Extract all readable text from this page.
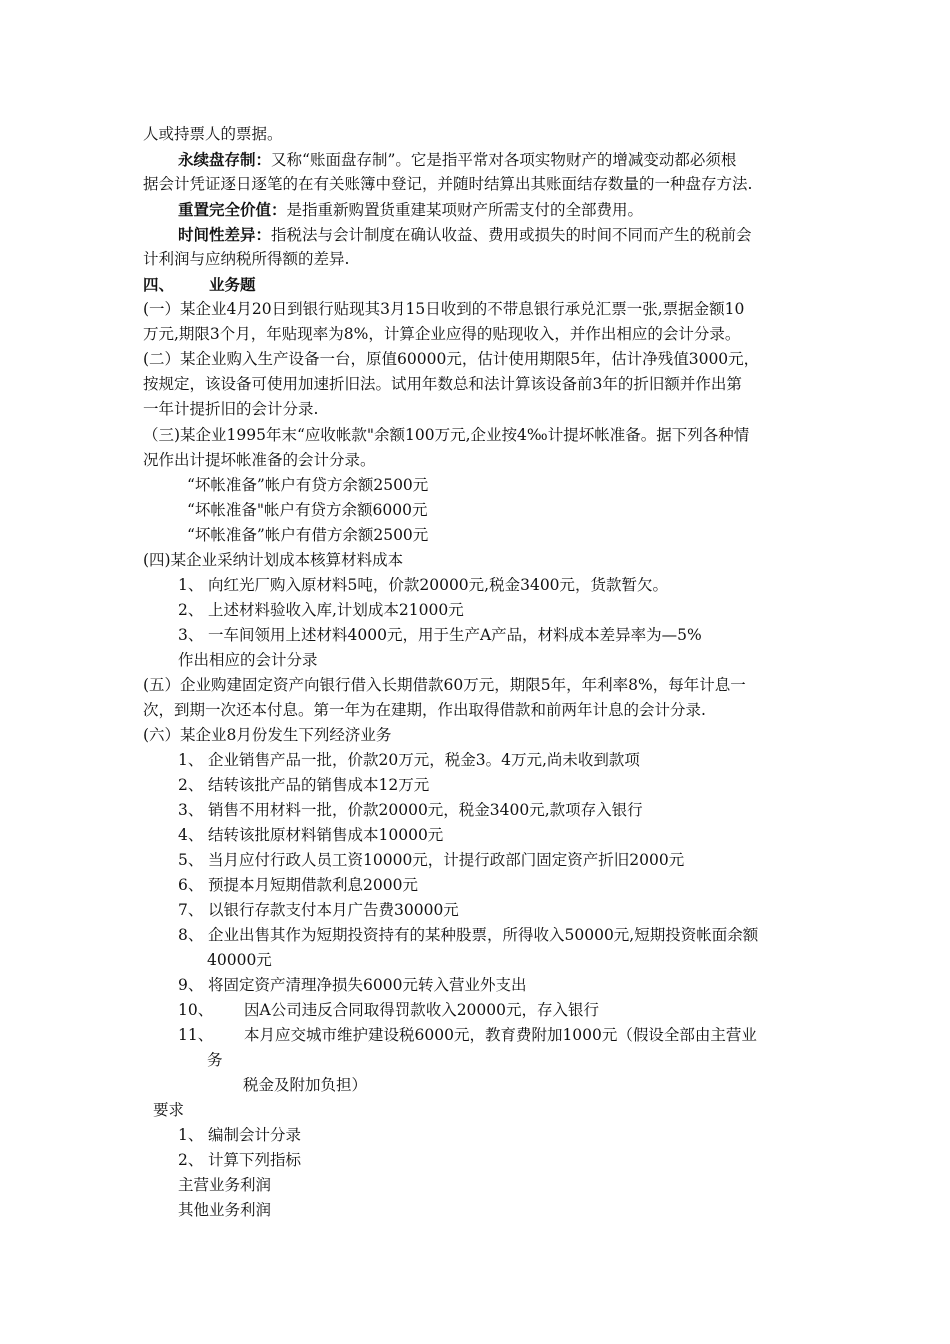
人或持票人的票据。
永续盘存制：又称“账面盘存制”。它是指平常对各项实物财产的增减变动都必须根
据会计凭证逐日逐笔的在有关账簿中登记，并随时结算出其账面结存数量的一种盘存方法.
重置完全价值：是指重新购置货重建某项财产所需支付的全部费用。
时间性差异：指税法与会计制度在确认收益、费用或损失的时间不同而产生的税前会
计利润与应纳税所得额的差异.
四、 业务题
(一）某企业4月20日到银行贴现其3月15日收到的不带息银行承兑汇票一张,票据金额10
万元,期限3个月，年贴现率为8%，计算企业应得的贴现收入，并作出相应的会计分录。
(二）某企业购入生产设备一台，原值60000元，估计使用期限5年，估计净残值3000元，
按规定，该设备可使用加速折旧法。试用年数总和法计算该设备前3年的折旧额并作出第
一年计提折旧的会计分录.
（三)某企业1995年末“应收帐款"余额100万元,企业按4‰计提坏帐准备。据下列各种情
况作出计提坏帐准备的会计分录。
“坏帐准备”帐户有贷方余额2500元
“坏帐准备"帐户有贷方余额6000元
“坏帐准备”帐户有借方余额2500元
(四)某企业采纳计划成本核算材料成本
1、 向红光厂购入原材料5吨，价款20000元,税金3400元，货款暂欠。
2、 上述材料验收入库,计划成本21000元
3、 一车间领用上述材料4000元，用于生产A产品，材料成本差异率为—5%
作出相应的会计分录
(五）企业购建固定资产向银行借入长期借款60万元，期限5年，年利率8%，每年计息一
次，到期一次还本付息。第一年为在建期，作出取得借款和前两年计息的会计分录.
(六）某企业8月份发生下列经济业务
1、 企业销售产品一批，价款20万元，税金3。4万元,尚未收到款项
2、 结转该批产品的销售成本12万元
3、 销售不用材料一批，价款20000元，税金3400元,款项存入银行
4、 结转该批原材料销售成本10000元
5、 当月应付行政人员工资10000元，计提行政部门固定资产折旧2000元
6、 预提本月短期借款利息2000元
7、 以银行存款支付本月广告费30000元
8、 企业出售其作为短期投资持有的某种股票，所得收入50000元,短期投资帐面余额
40000元
9、 将固定资产清理净损失6000元转入营业外支出
10、 因A公司违反合同取得罚款收入20000元，存入银行
11、 本月应交城市维护建设税6000元，教育费附加1000元（假设全部由主营业
务
税金及附加负担）
要求
1、 编制会计分录
2、 计算下列指标
主营业务利润
其他业务利润
